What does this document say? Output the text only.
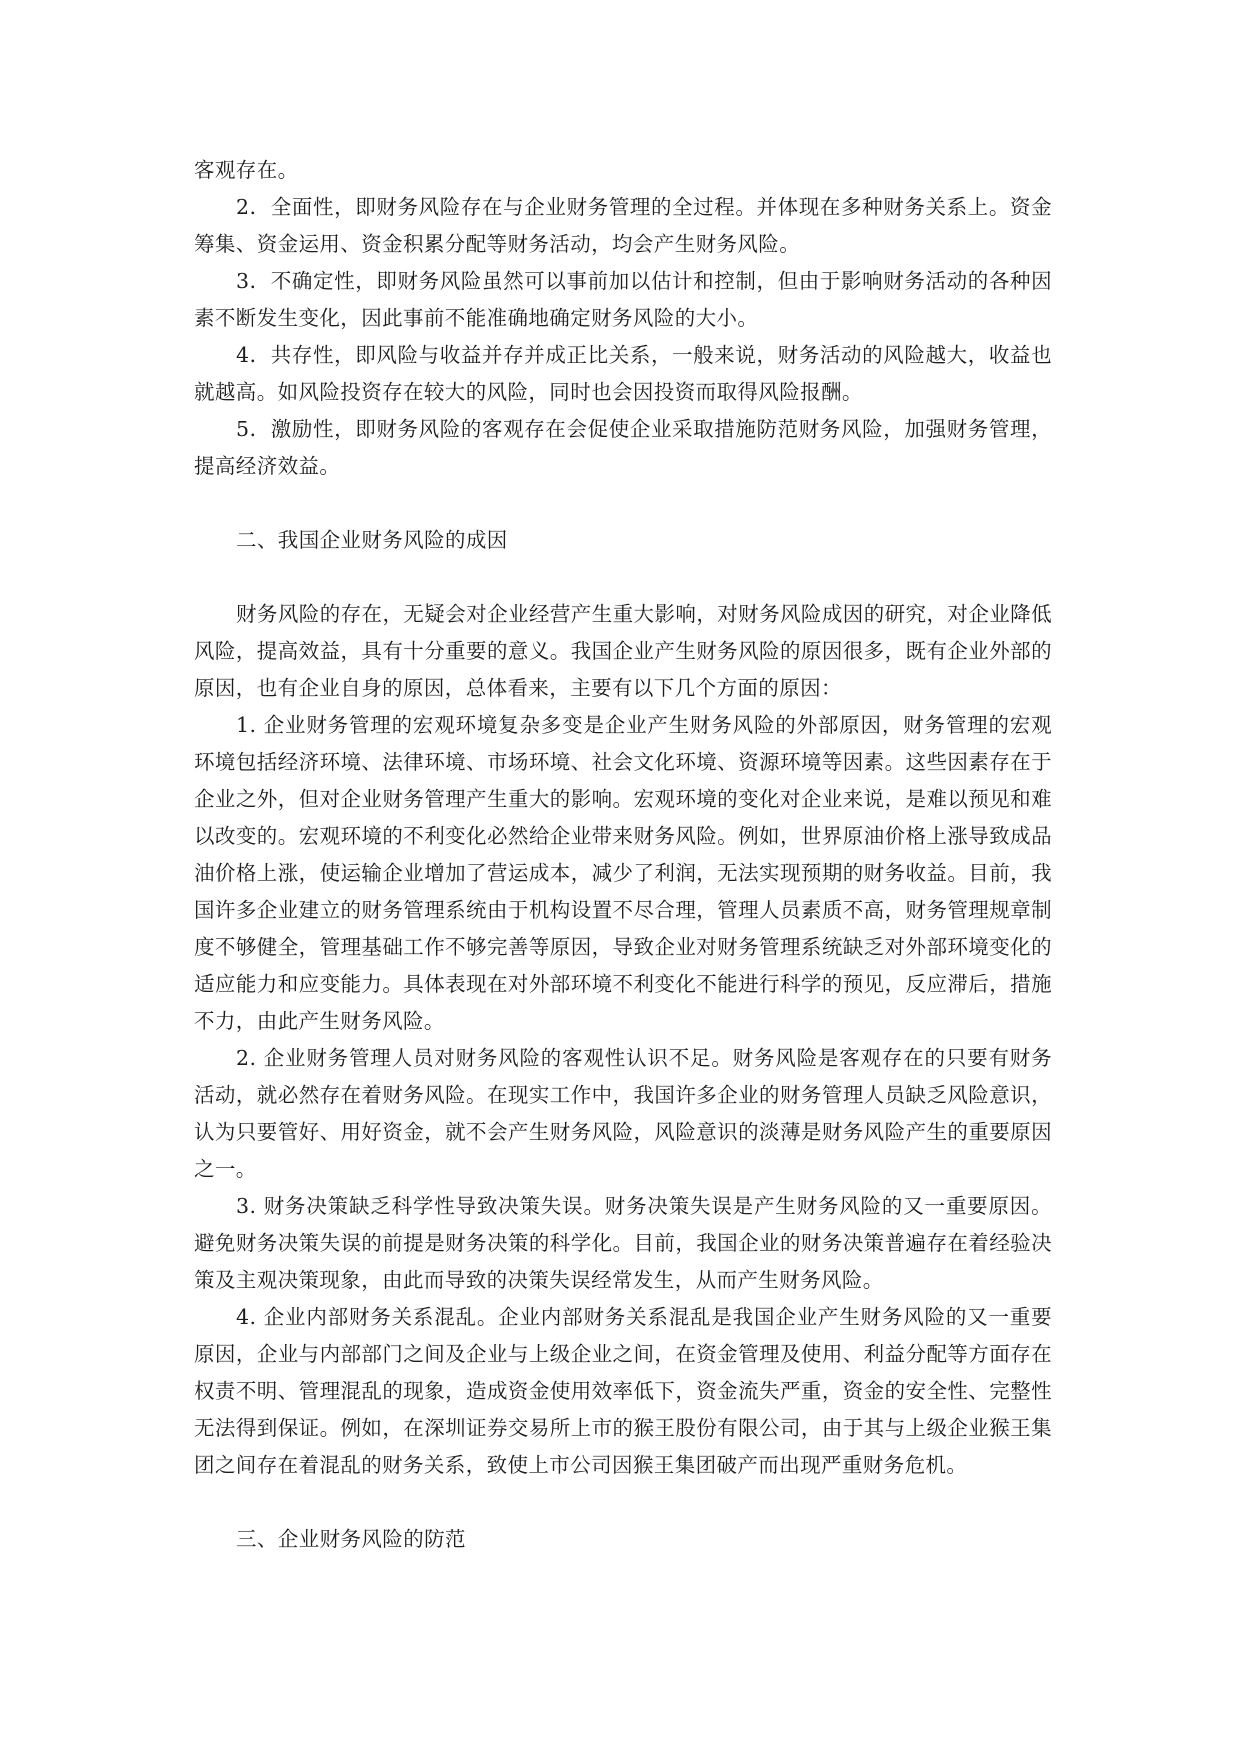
客观存在。

2．全面性，即财务风险存在与企业财务管理的全过程。并体现在多种财务关系上。资金筹集、资金运用、资金积累分配等财务活动，均会产生财务风险。

3．不确定性，即财务风险虽然可以事前加以估计和控制，但由于影响财务活动的各种因素不断发生变化，因此事前不能准确地确定财务风险的大小。

4．共存性，即风险与收益并存并成正比关系，一般来说，财务活动的风险越大，收益也就越高。如风险投资存在较大的风险，同时也会因投资而取得风险报酬。

5．激励性，即财务风险的客观存在会促使企业采取措施防范财务风险，加强财务管理，提高经济效益。

二、我国企业财务风险的成因

财务风险的存在，无疑会对企业经营产生重大影响，对财务风险成因的研究，对企业降低风险，提高效益，具有十分重要的意义。我国企业产生财务风险的原因很多，既有企业外部的原因，也有企业自身的原因，总体看来，主要有以下几个方面的原因：

1. 企业财务管理的宏观环境复杂多变是企业产生财务风险的外部原因，财务管理的宏观环境包括经济环境、法律环境、市场环境、社会文化环境、资源环境等因素。这些因素存在于企业之外，但对企业财务管理产生重大的影响。宏观环境的变化对企业来说，是难以预见和难以改变的。宏观环境的不利变化必然给企业带来财务风险。例如，世界原油价格上涨导致成品油价格上涨，使运输企业增加了营运成本，减少了利润，无法实现预期的财务收益。目前，我国许多企业建立的财务管理系统由于机构设置不尽合理，管理人员素质不高，财务管理规章制度不够健全，管理基础工作不够完善等原因，导致企业对财务管理系统缺乏对外部环境变化的适应能力和应变能力。具体表现在对外部环境不利变化不能进行科学的预见，反应滞后，措施不力，由此产生财务风险。

2. 企业财务管理人员对财务风险的客观性认识不足。财务风险是客观存在的只要有财务活动，就必然存在着财务风险。在现实工作中，我国许多企业的财务管理人员缺乏风险意识，认为只要管好、用好资金，就不会产生财务风险，风险意识的淡薄是财务风险产生的重要原因之一。

3. 财务决策缺乏科学性导致决策失误。财务决策失误是产生财务风险的又一重要原因。避免财务决策失误的前提是财务决策的科学化。目前，我国企业的财务决策普遍存在着经验决策及主观决策现象，由此而导致的决策失误经常发生，从而产生财务风险。

4. 企业内部财务关系混乱。企业内部财务关系混乱是我国企业产生财务风险的又一重要原因，企业与内部部门之间及企业与上级企业之间，在资金管理及使用、利益分配等方面存在权责不明、管理混乱的现象，造成资金使用效率低下，资金流失严重，资金的安全性、完整性无法得到保证。例如，在深圳证券交易所上市的猴王股份有限公司，由于其与上级企业猴王集团之间存在着混乱的财务关系，致使上市公司因猴王集团破产而出现严重财务危机。

三、企业财务风险的防范
